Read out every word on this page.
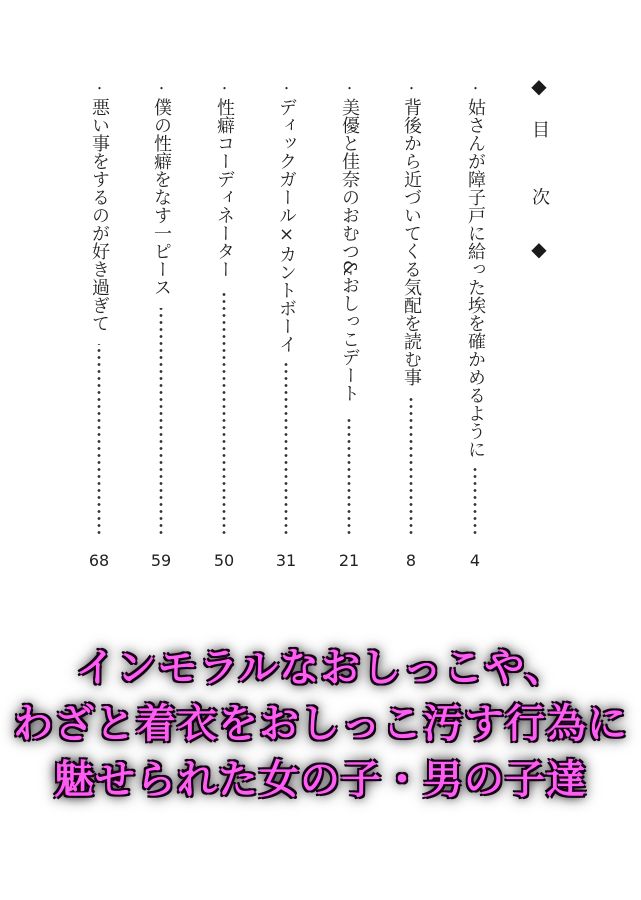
◆ 目 次 ◆
・姑さんが障子戸に給った埃を確かめるように
4
・背後から近づいてくる気配を読む事
8
・美優と佳奈のおむつ&おしっこデート
21
・ディックガール×カントボーイ
31
・性癖コーディネーター
50
・僕の性癖をなす一ピース
59
・悪い事をするのが好き過ぎて
68
インモラルなおしっこや、
わざと着衣をおしっこ汚す行為に
魅せられた女の子・男の子達
